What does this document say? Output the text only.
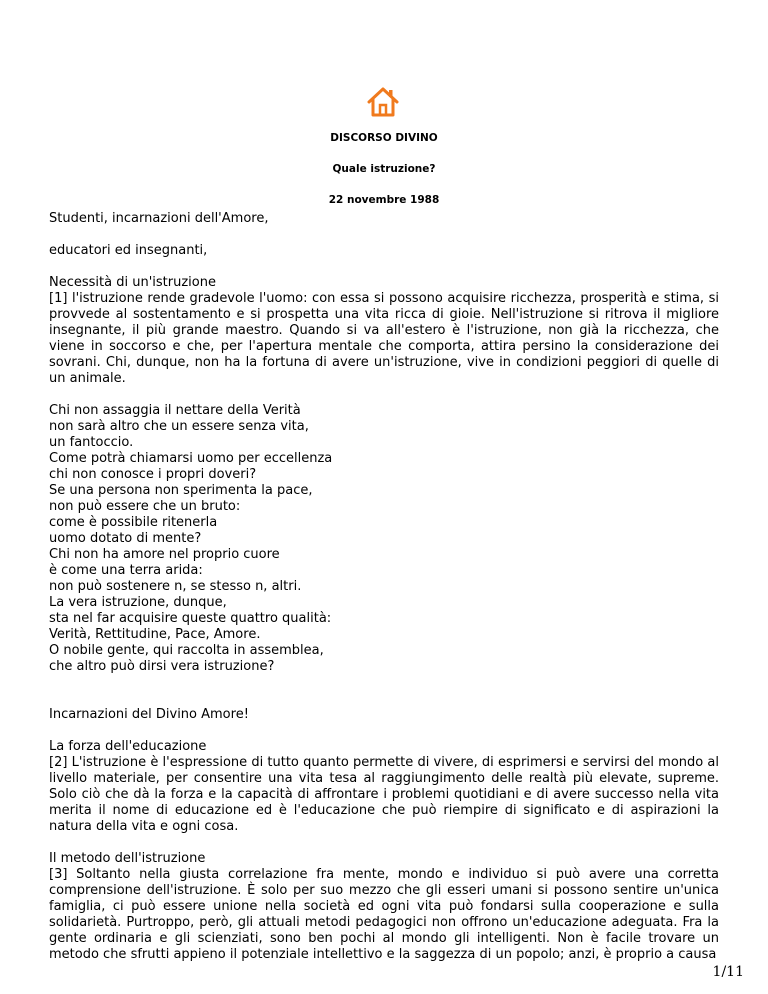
DISCORSO DIVINO
Quale istruzione?
22 novembre 1988

Studenti, incarnazioni dell'Amore,

educatori ed insegnanti,

Necessità di un'istruzione
[1] l'istruzione rende gradevole l'uomo: con essa si possono acquisire ricchezza, prosperità e stima, si provvede al sostentamento e si prospetta una vita ricca di gioie. Nell'istruzione si ritrova il migliore insegnante, il più grande maestro. Quando si va all'estero è l'istruzione, non già la ricchezza, che viene in soccorso e che, per l'apertura mentale che comporta, attira persino la considerazione dei sovrani. Chi, dunque, non ha la fortuna di avere un'istruzione, vive in condizioni peggiori di quelle di un animale.

Chi non assaggia il nettare della Verità
non sarà altro che un essere senza vita,
un fantoccio.
Come potrà chiamarsi uomo per eccellenza
chi non conosce i propri doveri?
Se una persona non sperimenta la pace,
non può essere che un bruto:
come è possibile ritenerla
uomo dotato di mente?
Chi non ha amore nel proprio cuore
è come una terra arida:
non può sostenere n, se stesso n, altri.
La vera istruzione, dunque,
sta nel far acquisire queste quattro qualità:
Verità, Rettitudine, Pace, Amore.
O nobile gente, qui raccolta in assemblea,
che altro può dirsi vera istruzione?

Incarnazioni del Divino Amore!

La forza dell'educazione
[2] L'istruzione è l'espressione di tutto quanto permette di vivere, di esprimersi e servirsi del mondo al livello materiale, per consentire una vita tesa al raggiungimento delle realtà più elevate, supreme. Solo ciò che dà la forza e la capacità di affrontare i problemi quotidiani e di avere successo nella vita merita il nome di educazione ed è l'educazione che può riempire di significato e di aspirazioni la natura della vita e ogni cosa.

Il metodo dell'istruzione
[3] Soltanto nella giusta correlazione fra mente, mondo e individuo si può avere una corretta comprensione dell'istruzione. È solo per suo mezzo che gli esseri umani si possono sentire un'unica famiglia, ci può essere unione nella società ed ogni vita può fondarsi sulla cooperazione e sulla solidarietà. Purtroppo, però, gli attuali metodi pedagogici non offrono un'educazione adeguata. Fra la gente ordinaria e gli scienziati, sono ben pochi al mondo gli intelligenti. Non è facile trovare un metodo che sfrutti appieno il potenziale intellettivo e la saggezza di un popolo; anzi, è proprio a causa

1/11
